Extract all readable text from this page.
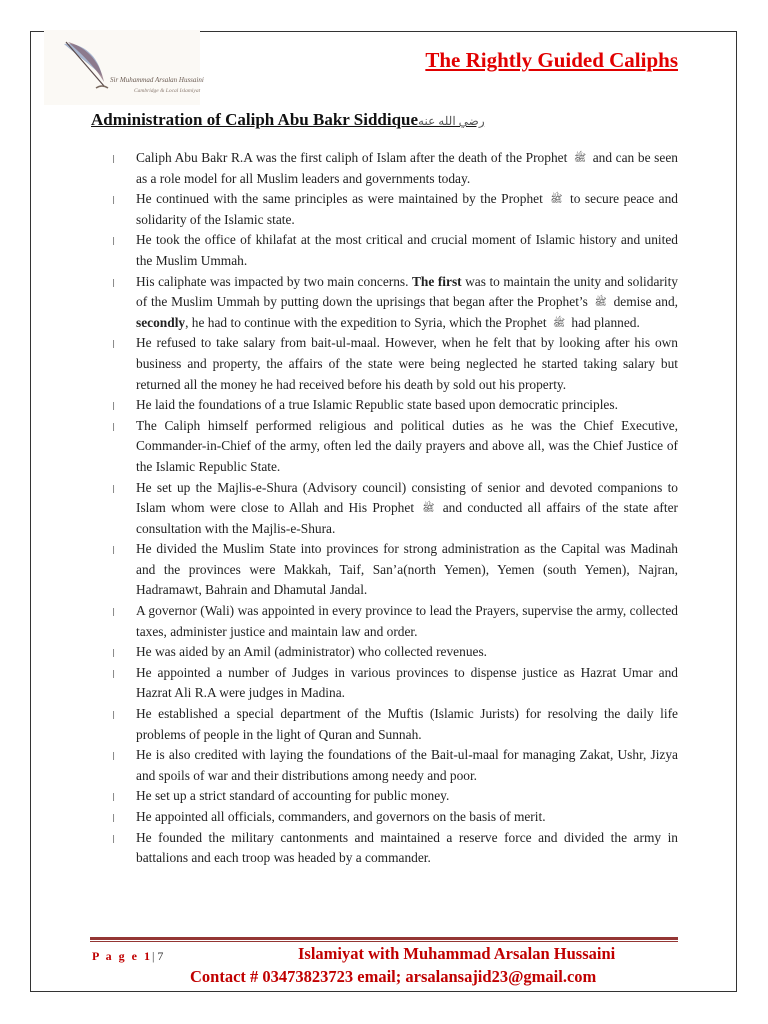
Sir Muhammad Arsalan Hussaini
Cambridge & Local Islamiyat
The Rightly Guided Caliphs
Administration of Caliph Abu Bakr Siddiqueرضي الله عنه
ꞁ Caliph Abu Bakr R.A was the first caliph of Islam after the death of the Prophet ﷺ and can be seen as a role model for all Muslim leaders and governments today.
ꞁ He continued with the same principles as were maintained by the Prophet ﷺ to secure peace and solidarity of the Islamic state.
ꞁ He took the office of khilafat at the most critical and crucial moment of Islamic history and united the Muslim Ummah.
ꞁ His caliphate was impacted by two main concerns. The first was to maintain the unity and solidarity of the Muslim Ummah by putting down the uprisings that began after the Prophet’s ﷺ demise and, secondly, he had to continue with the expedition to Syria, which the Prophet ﷺ had planned.
ꞁ He refused to take salary from bait-ul-maal. However, when he felt that by looking after his own business and property, the affairs of the state were being neglected he started taking salary but returned all the money he had received before his death by sold out his property.
ꞁ He laid the foundations of a true Islamic Republic state based upon democratic principles.
ꞁ The Caliph himself performed religious and political duties as he was the Chief Executive, Commander-in-Chief of the army, often led the daily prayers and above all, was the Chief Justice of the Islamic Republic State.
ꞁ He set up the Majlis-e-Shura (Advisory council) consisting of senior and devoted companions to Islam whom were close to Allah and His Prophet ﷺ and conducted all affairs of the state after consultation with the Majlis-e-Shura.
ꞁ He divided the Muslim State into provinces for strong administration as the Capital was Madinah and the provinces were Makkah, Taif, San’a(north Yemen), Yemen (south Yemen), Najran, Hadramawt, Bahrain and Dhamutal Jandal.
ꞁ A governor (Wali) was appointed in every province to lead the Prayers, supervise the army, collected taxes, administer justice and maintain law and order.
ꞁ He was aided by an Amil (administrator) who collected revenues.
ꞁ He appointed a number of Judges in various provinces to dispense justice as Hazrat Umar and Hazrat Ali R.A were judges in Madina.
ꞁ He established a special department of the Muftis (Islamic Jurists) for resolving the daily life problems of people in the light of Quran and Sunnah.
ꞁ He is also credited with laying the foundations of the Bait-ul-maal for managing Zakat, Ushr, Jizya and spoils of war and their distributions among needy and poor.
ꞁ He set up a strict standard of accounting for public money.
ꞁ He appointed all officials, commanders, and governors on the basis of merit.
ꞁ He founded the military cantonments and maintained a reserve force and divided the army in battalions and each troop was headed by a commander.
P a g e 1| 7	Islamiyat with Muhammad Arsalan Hussaini
Contact # 03473823723 email; arsalansajid23@gmail.com
